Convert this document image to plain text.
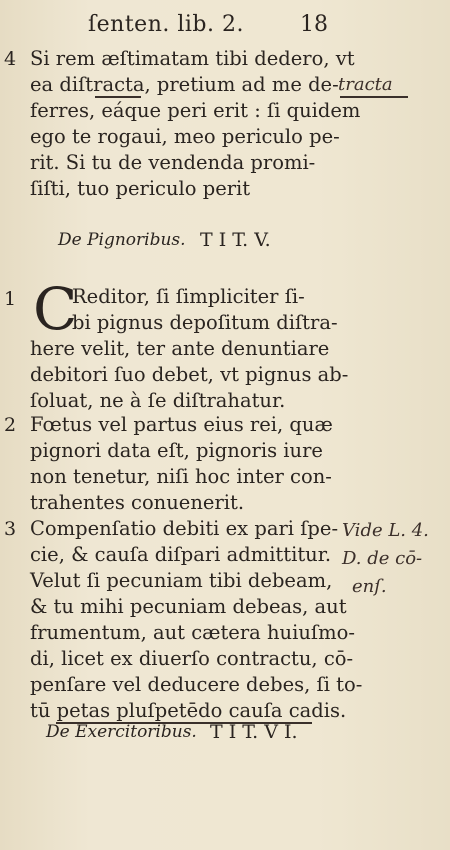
ſenten. lib. 2.	18
4 Si rem æſtimatam tibi dedero, vt
ea diſtracta, pretium ad me de-
ferres, eáque peri erit : ſi quidem
ego te rogaui, meo periculo pe-
rit. Si tu de vendenda promi-
ſiſti, tuo periculo perit
tracta
De Pignoribus. T I T. V.
1 C
Reditor, ſi ſimpliciter ſi-
bi pignus depoſitum diſtra-
here velit, ter ante denuntiare
debitori ſuo debet, vt pignus ab-
ſoluat, ne à ſe diſtrahatur.
2 Fœtus vel partus eius rei, quæ
pignori data eſt, pignoris iure
non tenetur, niſi hoc inter con-
trahentes conuenerit.
3 Compenſatio debiti ex pari ſpe-
cie, & cauſa diſpari admittitur.
Velut ſi pecuniam tibi debeam,
& tu mihi pecuniam debeas, aut
frumentum, aut cætera huiuſmo-
di, licet ex diuerſo contractu, cō-
penſare vel deducere debes, ſi to-
tū petas pluſpetēdo cauſa cadis.
Vide L. 4.
D. de cō-
enſ.
De Exercitoribus. T I T. V I.
